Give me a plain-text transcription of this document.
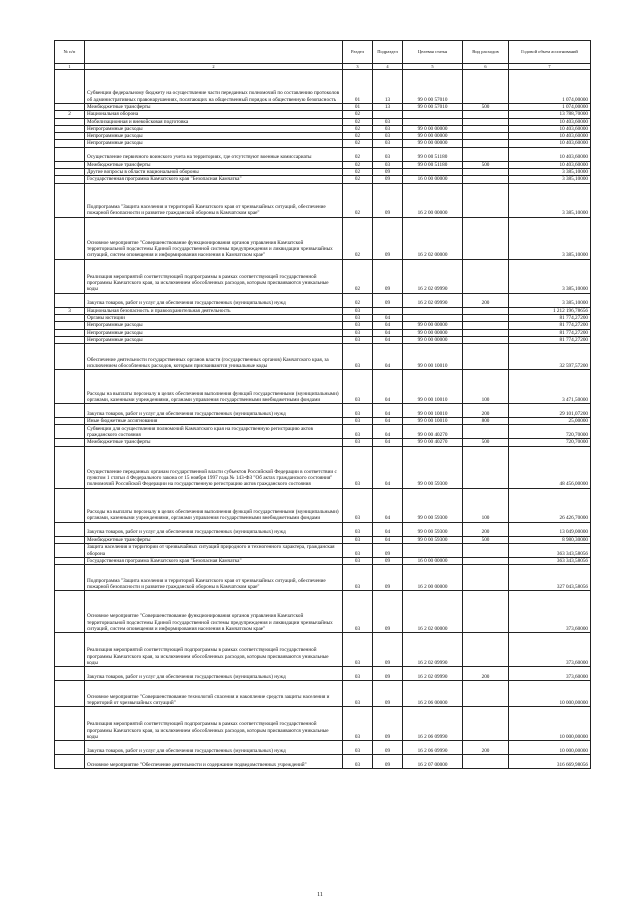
№ п/п		Раздел	Подраздел	Целевая статья	Вид расходов	Годовой объем ассигнований
1	2	3	4	5	6	7
	Субвенции федеральному бюджету на осуществление части переданных полномочий по составлению протоколов об административных правонарушениях, посягающих на общественный порядок и общественную безопасность	01	13	99 0 00 57010		1 074,00000
	Межбюджетные трансферты	01	13	99 0 00 57010	500	1 074,00000
2	Национальная оборона	02				13 788,70000
	Мобилизационная и вневойсковая подготовка	02	03			10 403,60000
	Непрограммные расходы	02	03	99 0 00 00000		10 403,60000
	Непрограммные расходы	02	03	99 0 00 00000		10 403,60000
	Непрограммные расходы	02	03	99 0 00 00000		10 403,60000
	Осуществление первичного воинского учета на территориях, где отсутствуют военные комиссариаты	02	03	99 0 00 51180		10 403,60000
	Межбюджетные трансферты	02	03	99 0 00 51180	500	10 403,60000
	Другие вопросы в области национальной обороны	02	09			3 385,10000
	Государственная программа Камчатского края "Безопасная Камчатка"	02	09	16 0 00 00000		3 385,10000
	Подпрограмма "Защита населения и территорий Камчатского края от чрезвычайных ситуаций, обеспечение пожарной безопасности и развитие гражданской обороны в Камчатском крае"	02	09	16 2 00 00000		3 385,10000
	Основное мероприятие "Совершенствование функционирования органов управления Камчатской территориальной подсистемы Единой государственной системы предупреждения и ликвидации чрезвычайных ситуаций, систем оповещения и информирования населения в Камчатском крае"	02	09	16 2 02 00000		3 385,10000
	Реализация мероприятий соответствующей подпрограммы в рамках соответствующей государственной программы Камчатского края, за исключением обособленных расходов, которым присваиваются уникальные коды	02	09	16 2 02 09990		3 385,10000
	Закупка товаров, работ и услуг для обеспечения государственных (муниципальных) нужд	02	09	16 2 02 09990	200	3 385,10000
3	Национальная безопасность и правоохранительная деятельность	03				1 212 196,78656
	Органы юстиции	03	04			81 774,27200
	Непрограммные расходы	03	04	99 0 00 00000		81 774,27200
	Непрограммные расходы	03	04	99 0 00 00000		81 774,27200
	Непрограммные расходы	03	04	99 0 00 00000		81 774,27200
	Обеспечение деятельности государственных органов власти (государственных органов) Камчатского края, за исключением обособленных расходов, которым присваиваются уникальные коды	03	04	99 0 00 10010		32 597,57200
	Расходы на выплаты персоналу в целях обеспечения выполнения функций государственными (муниципальными) органами, казенными учреждениями, органами управления государственными внебюджетными фондами	03	04	99 0 00 10010	100	3 471,50000
	Закупка товаров, работ и услуг для обеспечения государственных (муниципальных) нужд	03	04	99 0 00 10010	200	29 101,07200
	Иные бюджетные ассигнования	03	04	99 0 00 10010	800	25,00000
	Субвенции для осуществления полномочий Камчатского края на государственную регистрацию актов гражданского состояния	03	04	99 0 00 40270		720,70000
	Межбюджетные трансферты	03	04	99 0 00 40270	500	720,70000
	Осуществление переданных органам государственной власти субъектов Российской Федерации в соответствии с пунктом 1 статьи 4 Федерального закона от 15 ноября 1997 года № 143-ФЗ "Об актах гражданского состояния" полномочий Российской Федерации на государственную регистрацию актов гражданского состояния	03	04	99 0 00 59300		48 456,00000
	Расходы на выплаты персоналу в целях обеспечения выполнения функций государственными (муниципальными) органами, казенными учреждениями, органами управления государственными внебюджетными фондами	03	04	99 0 00 59300	100	26 426,70000
	Закупка товаров, работ и услуг для обеспечения государственных (муниципальных) нужд	03	04	99 0 00 59300	200	13 049,00000
	Межбюджетные трансферты	03	04	99 0 00 59300	500	8 980,30000
	Защита населения и территории от чрезвычайных ситуаций природного и техногенного характера, гражданская оборона	03	09			363 343,58056
	Государственная программа Камчатского края "Безопасная Камчатка"	03	09	16 0 00 00000		363 343,58056
	Подпрограмма "Защита населения и территорий Камчатского края от чрезвычайных ситуаций, обеспечение пожарной безопасности и развитие гражданской обороны в Камчатском крае"	03	09	16 2 00 00000		327 043,58056
	Основное мероприятие "Совершенствование функционирования органов управления Камчатской территориальной подсистемы Единой государственной системы предупреждения и ликвидации чрезвычайных ситуаций, систем оповещения и информирования населения в Камчатском крае"	03	09	16 2 02 00000		373,60000
	Реализация мероприятий соответствующей подпрограммы в рамках соответствующей государственной программы Камчатского края, за исключением обособленных расходов, которым присваиваются уникальные коды	03	09	16 2 02 09990		373,60000
	Закупка товаров, работ и услуг для обеспечения государственных (муниципальных) нужд	03	09	16 2 02 09990	200	373,60000
	Основное мероприятие "Совершенствование технологий спасения и накопление средств защиты населения и территорий от чрезвычайных ситуаций"	03	09	16 2 06 00000		10 000,00000
	Реализация мероприятий соответствующей подпрограммы в рамках соответствующей государственной программы Камчатского края, за исключением обособленных расходов, которым присваиваются уникальные коды	03	09	16 2 06 09990		10 000,00000
	Закупка товаров, работ и услуг для обеспечения государственных (муниципальных) нужд	03	09	16 2 06 09990	200	10 000,00000
	Основное мероприятие "Обеспечение деятельности и содержание подведомственных учреждений"	03	09	16 2 07 00000		316 669,98056
11
